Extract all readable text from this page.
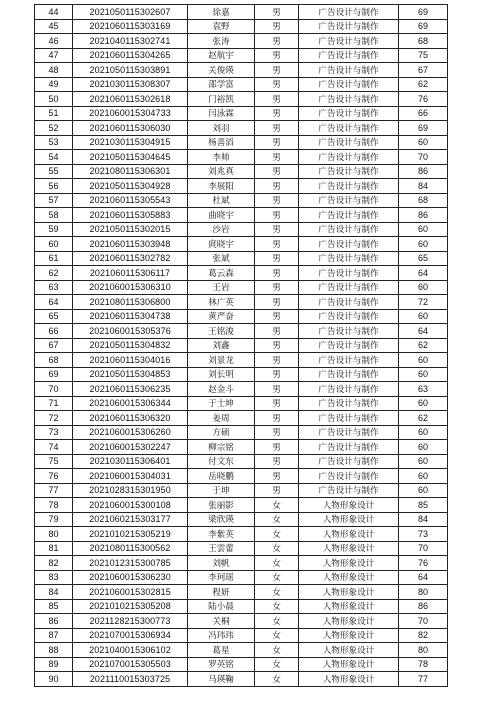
44	2021050115302607	徐嘉	男	广告设计与制作	69
45	2021060115303169	袁野	男	广告设计与制作	69
46	2021040115302741	张涛	男	广告设计与制作	68
47	2021060115304265	赵航宇	男	广告设计与制作	75
48	2021050115303891	关俊瑛	男	广告设计与制作	67
49	2021030115308307	邵学富	男	广告设计与制作	62
50	2021060115302618	门裕凯	男	广告设计与制作	76
51	2021060015304733	闫泳霖	男	广告设计与制作	66
52	2021060115306030	刘羽	男	广告设计与制作	69
53	2021030115304915	杨喜滔	男	广告设计与制作	60
54	2021050115304645	李帅	男	广告设计与制作	70
55	2021080115306301	刘兆真	男	广告设计与制作	86
56	2021050115304928	李展阳	男	广告设计与制作	84
57	2021060115305543	杜斌	男	广告设计与制作	68
58	2021060115305883	曲晓宇	男	广告设计与制作	86
59	2021050115302015	沙岩	男	广告设计与制作	60
60	2021060115303948	庹晓宇	男	广告设计与制作	60
61	2021060115302782	张斌	男	广告设计与制作	65
62	2021060115306117	葛云森	男	广告设计与制作	64
63	2021060015306310	王岩	男	广告设计与制作	60
64	2021080115306800	林广英	男	广告设计与制作	72
65	2021060115304738	黄严奋	男	广告设计与制作	60
66	2021060015305376	王铭浚	男	广告设计与制作	64
67	2021050115304832	刘鑫	男	广告设计与制作	62
68	2021060115304016	刘景龙	男	广告设计与制作	60
69	2021050115304853	刘长明	男	广告设计与制作	60
70	2021060115306235	赵金斗	男	广告设计与制作	63
71	2021060015306344	于士坤	男	广告设计与制作	60
72	2021060115306320	姜周	男	广告设计与制作	62
73	2021060015306260	方硕	男	广告设计与制作	60
74	2021060015302247	柳宗铭	男	广告设计与制作	60
75	2021030115306401	付文东	男	广告设计与制作	60
76	2021060015304031	岳晓鹏	男	广告设计与制作	60
77	2021028315301950	于坤	男	广告设计与制作	60
78	2021060015300108	张丽影	女	人物形象设计	85
79	2021060215303177	梁欣瑛	女	人物形象设计	84
80	2021010215305219	李紫英	女	人物形象设计	73
81	2021080115300562	王雲蕾	女	人物形象设计	70
82	2021012315300785	刘帆	女	人物形象设计	76
83	2021060015306230	李珂瑶	女	人物形象设计	64
84	2021060015302815	程妍	女	人物形象设计	80
85	2021010215305208	陆小晨	女	人物形象设计	86
86	2021128215300773	关桐	女	人物形象设计	70
87	2021070015306934	冯玮玮	女	人物形象设计	82
88	2021040015306102	葛星	女	人物形象设计	80
89	2021070015305503	罗英铭	女	人物形象设计	78
90	2021110015303725	马瑛鞠	女	人物形象设计	77
